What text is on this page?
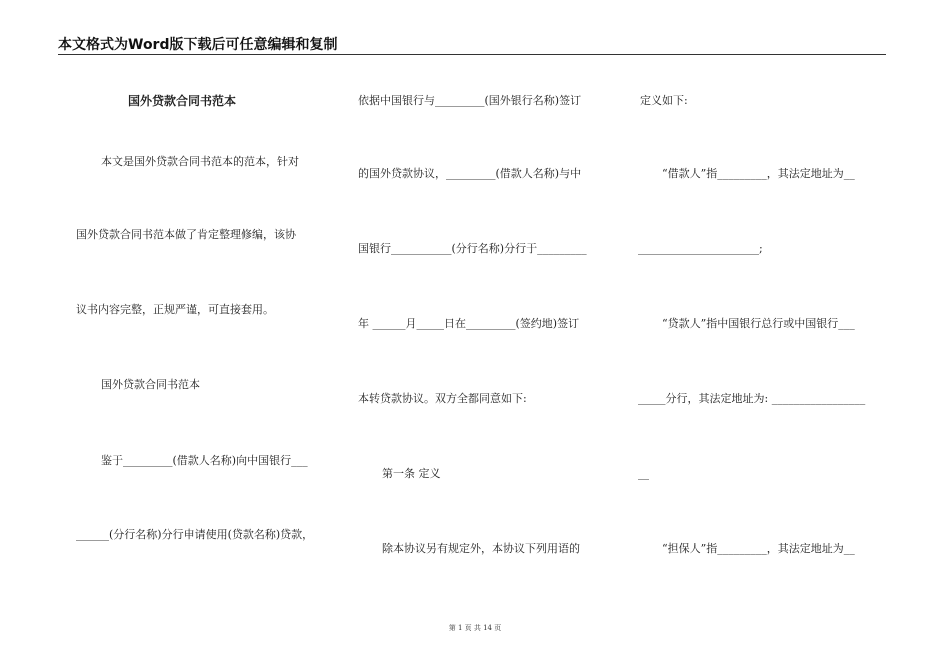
本文格式为Word版下载后可任意编辑和复制
国外贷款合同书范本
本文是国外贷款合同书范本的范本，针对
国外贷款合同书范本做了肯定整理修编，该协
议书内容完整，正规严谨，可直接套用。
国外贷款合同书范本
鉴于_________(借款人名称)向中国银行___
______(分行名称)分行申请使用(贷款名称)贷款，
依据中国银行与_________(国外银行名称)签订
的国外贷款协议，_________(借款人名称)与中
国银行___________(分行名称)分行于_________
年 ______月_____日在_________(签约地)签订
本转贷款协议。双方全都同意如下:
第一条 定义
除本协议另有规定外，本协议下列用语的
定义如下:
“借款人”指_________，其法定地址为__
______________________;
“贷款人”指中国银行总行或中国银行___
_____分行，其法定地址为: _________________
__
“担保人”指_________，其法定地址为__
第 1 页 共 14 页
